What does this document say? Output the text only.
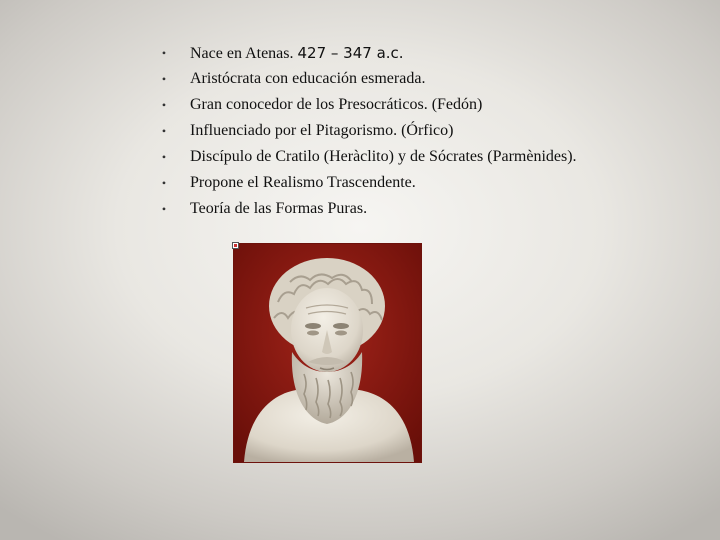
• Nace en Atenas. 427 – 347 a.c.
• Aristócrata con educación esmerada.
• Gran conocedor de los Presocráticos. (Fedón)
• Influenciado por el Pitagorismo. (Órfico)
• Discípulo de Cratilo (Heràclito) y de Sócrates (Parmènides).
• Propone el Realismo Trascendente.
• Teoría de las Formas Puras.
